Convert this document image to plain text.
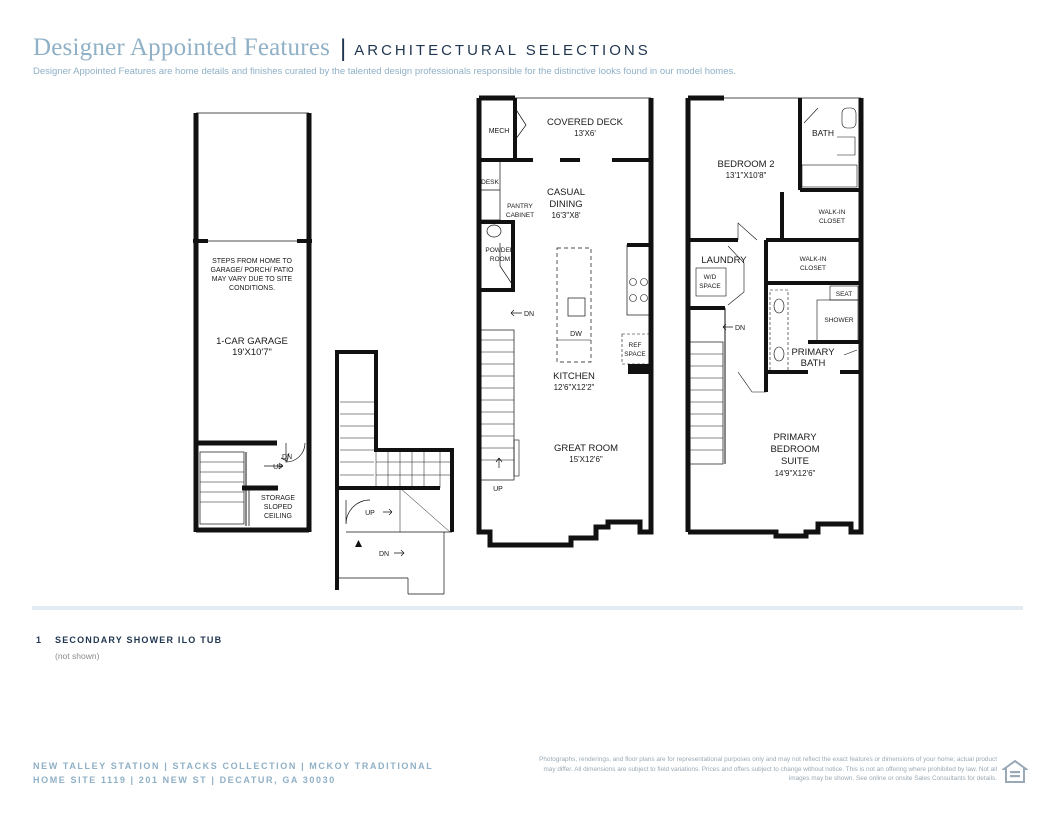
Designer Appointed Features | ARCHITECTURAL SELECTIONS
Designer Appointed Features are home details and finishes curated by the talented design professionals responsible for the distinctive looks found in our model homes.
STEPS FROM HOME TO
GARAGE/ PORCH/ PATIO
MAY VARY DUE TO SITE
CONDITIONS.
1-CAR GARAGE
19'X10'7"
DN
UP
STORAGE
SLOPED
CEILING	UP
DN
MECH
COVERED DECK
13'X6'
DESK
PANTRY
CABINET
CASUAL
DINING
16'3"X8'
POWDER
ROOM
DN
DW
REF
SPACE
KITCHEN
12'6"X12'2"
GREAT ROOM
15'X12'6"
UP
BATH
BEDROOM 2
13'1"X10'8"
WALK-IN
CLOSET
LAUNDRY
W/D
SPACE
WALK-IN
CLOSET
SEAT
SHOWER
PRIMARY
BATH
DN
PRIMARY
BEDROOM
SUITE
14'9"X12'6"
1	SECONDARY SHOWER ILO TUB
(not shown)
NEW TALLEY STATION | STACKS COLLECTION | MCKOY TRADITIONAL
HOME SITE 1119 | 201 NEW ST | DECATUR, GA 30030
Photographs, renderings, and floor plans are for representational purposes only and may not reflect the exact features or dimensions of your home; actual product may differ. All dimensions are subject to field variations. Prices and offers subject to change without notice. This is not an offering where prohibited by law. Not all images may be shown. See online or onsite Sales Consultants for details.
